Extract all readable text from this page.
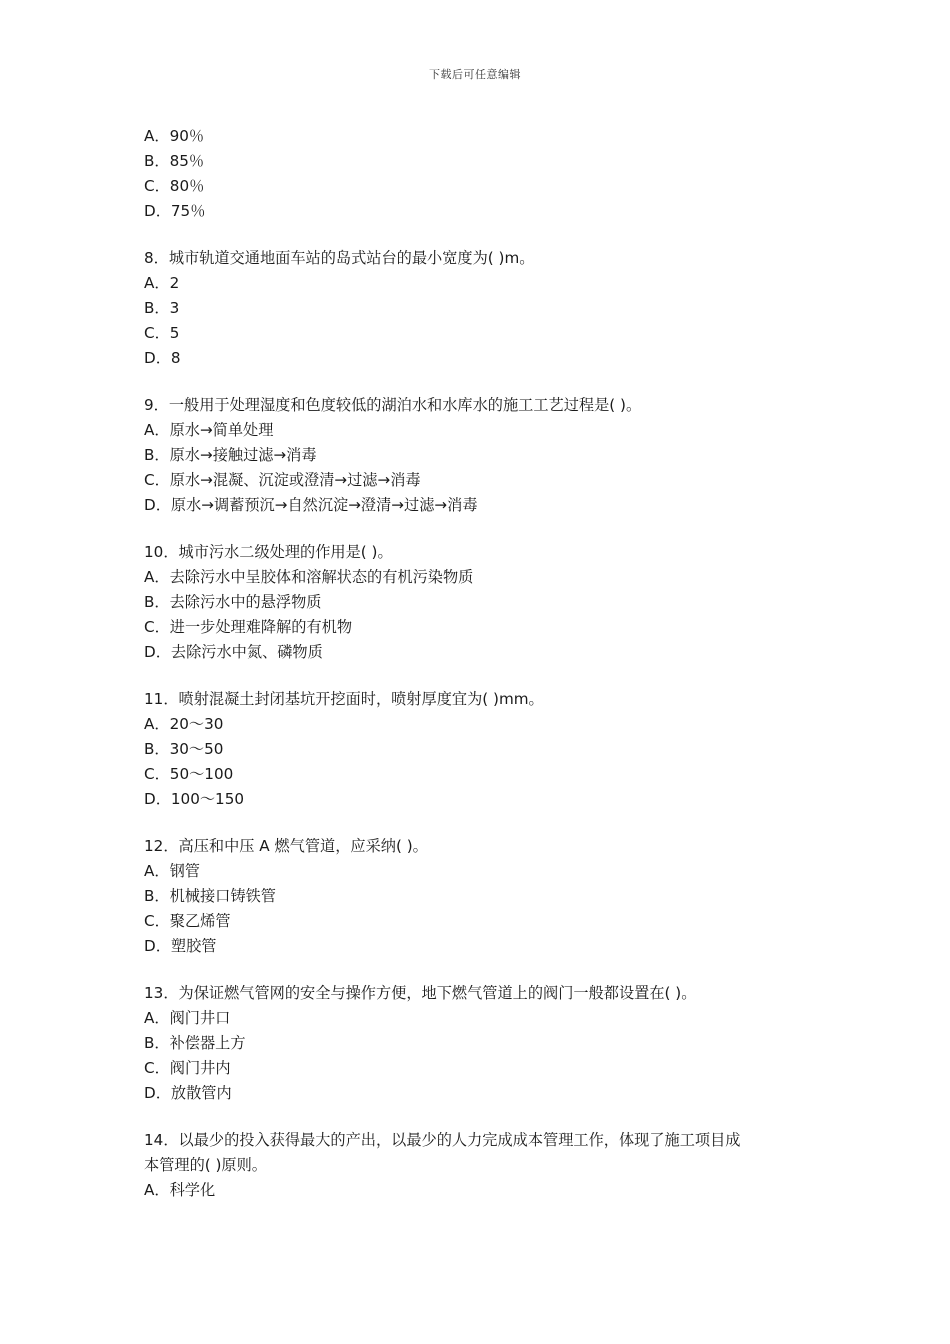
下载后可任意编辑
A．90％
B．85％
C．80％
D．75％
8．城市轨道交通地面车站的岛式站台的最小宽度为( )m。
A．2
B．3
C．5
D．8
9．一般用于处理湿度和色度较低的湖泊水和水库水的施工工艺过程是( )。
A．原水→简单处理
B．原水→接触过滤→消毒
C．原水→混凝、沉淀或澄清→过滤→消毒
D．原水→调蓄预沉→自然沉淀→澄清→过滤→消毒
10．城市污水二级处理的作用是( )。
A．去除污水中呈胶体和溶解状态的有机污染物质
B．去除污水中的悬浮物质
C．进一步处理难降解的有机物
D．去除污水中氮、磷物质
11．喷射混凝土封闭基坑开挖面时，喷射厚度宜为( )mm。
A．20～30
B．30～50
C．50～100
D．100～150
12．高压和中压 A 燃气管道，应采纳( )。
A．钢管
B．机械接口铸铁管
C．聚乙烯管
D．塑胶管
13．为保证燃气管网的安全与操作方便，地下燃气管道上的阀门一般都设置在( )。
A．阀门井口
B．补偿器上方
C．阀门井内
D．放散管内
14．以最少的投入获得最大的产出，以最少的人力完成成本管理工作，体现了施工项目成
本管理的( )原则。
A．科学化
